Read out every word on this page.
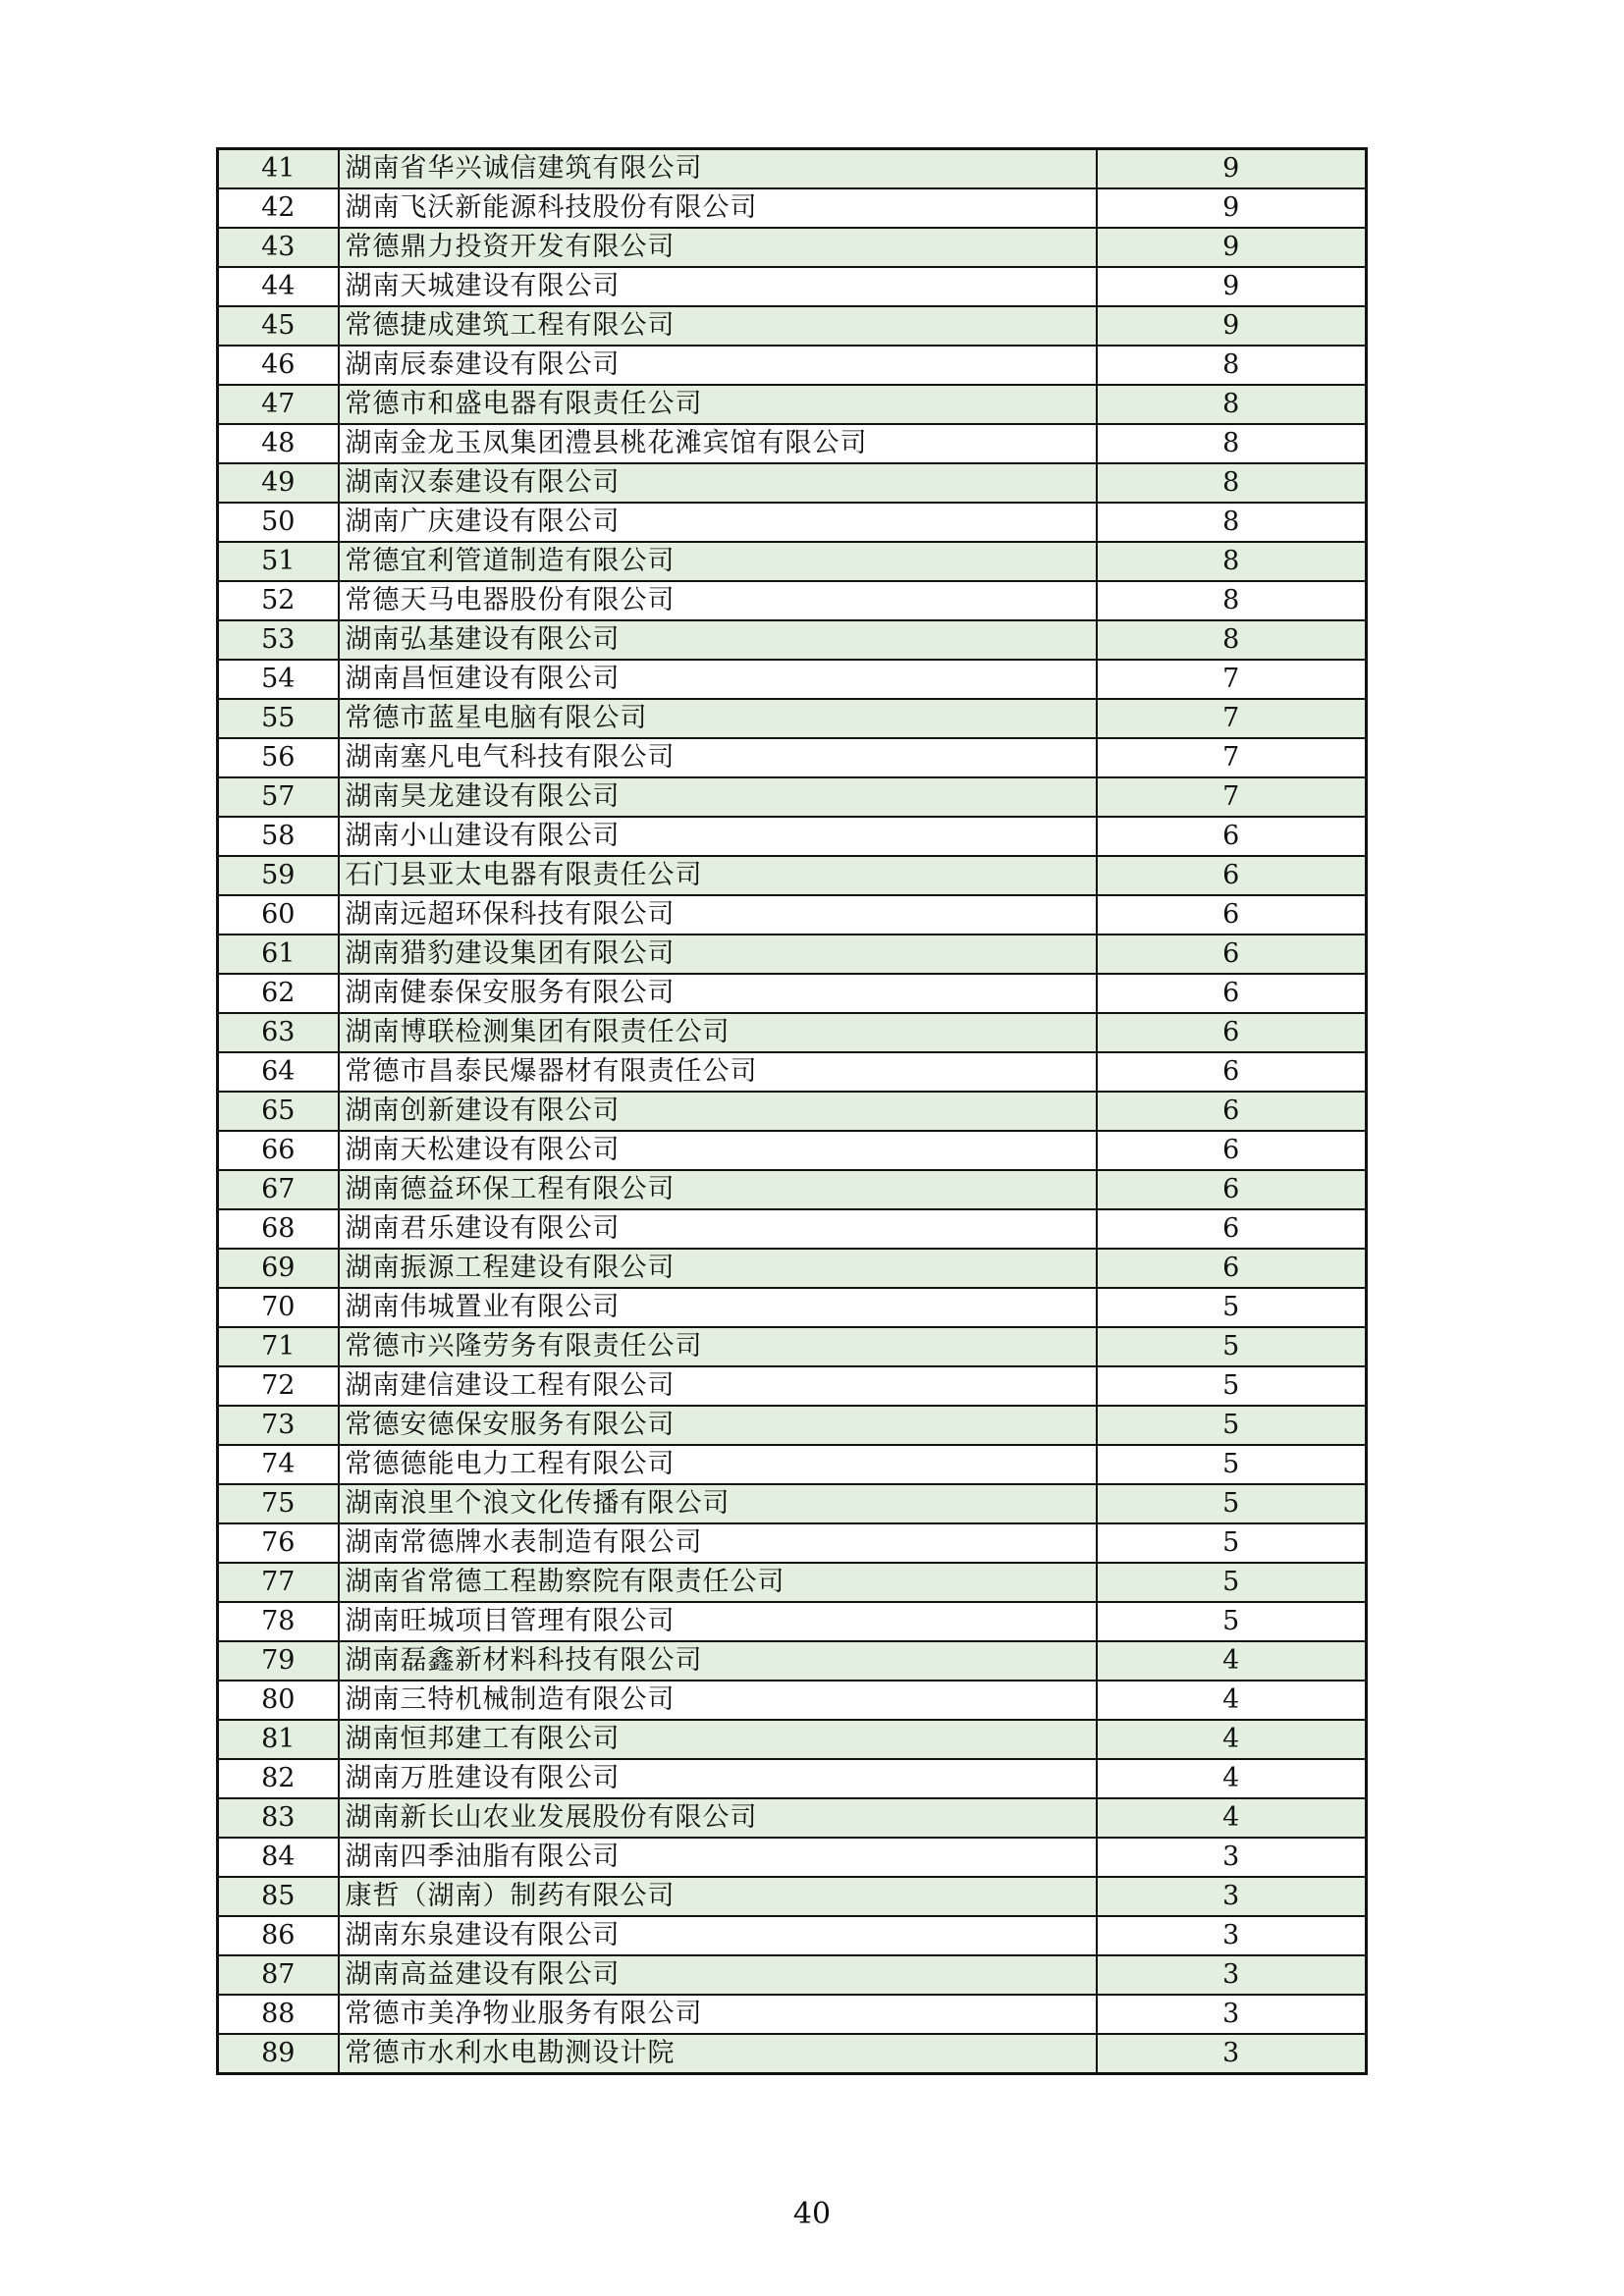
41	湖南省华兴诚信建筑有限公司	9
42	湖南飞沃新能源科技股份有限公司	9
43	常德鼎力投资开发有限公司	9
44	湖南天城建设有限公司	9
45	常德捷成建筑工程有限公司	9
46	湖南辰泰建设有限公司	8
47	常德市和盛电器有限责任公司	8
48	湖南金龙玉凤集团澧县桃花滩宾馆有限公司	8
49	湖南汉泰建设有限公司	8
50	湖南广庆建设有限公司	8
51	常德宜利管道制造有限公司	8
52	常德天马电器股份有限公司	8
53	湖南弘基建设有限公司	8
54	湖南昌恒建设有限公司	7
55	常德市蓝星电脑有限公司	7
56	湖南塞凡电气科技有限公司	7
57	湖南昊龙建设有限公司	7
58	湖南小山建设有限公司	6
59	石门县亚太电器有限责任公司	6
60	湖南远超环保科技有限公司	6
61	湖南猎豹建设集团有限公司	6
62	湖南健泰保安服务有限公司	6
63	湖南博联检测集团有限责任公司	6
64	常德市昌泰民爆器材有限责任公司	6
65	湖南创新建设有限公司	6
66	湖南天松建设有限公司	6
67	湖南德益环保工程有限公司	6
68	湖南君乐建设有限公司	6
69	湖南振源工程建设有限公司	6
70	湖南伟城置业有限公司	5
71	常德市兴隆劳务有限责任公司	5
72	湖南建信建设工程有限公司	5
73	常德安德保安服务有限公司	5
74	常德德能电力工程有限公司	5
75	湖南浪里个浪文化传播有限公司	5
76	湖南常德牌水表制造有限公司	5
77	湖南省常德工程勘察院有限责任公司	5
78	湖南旺城项目管理有限公司	5
79	湖南磊鑫新材料科技有限公司	4
80	湖南三特机械制造有限公司	4
81	湖南恒邦建工有限公司	4
82	湖南万胜建设有限公司	4
83	湖南新长山农业发展股份有限公司	4
84	湖南四季油脂有限公司	3
85	康哲（湖南）制药有限公司	3
86	湖南东泉建设有限公司	3
87	湖南高益建设有限公司	3
88	常德市美净物业服务有限公司	3
89	常德市水利水电勘测设计院	3
40
